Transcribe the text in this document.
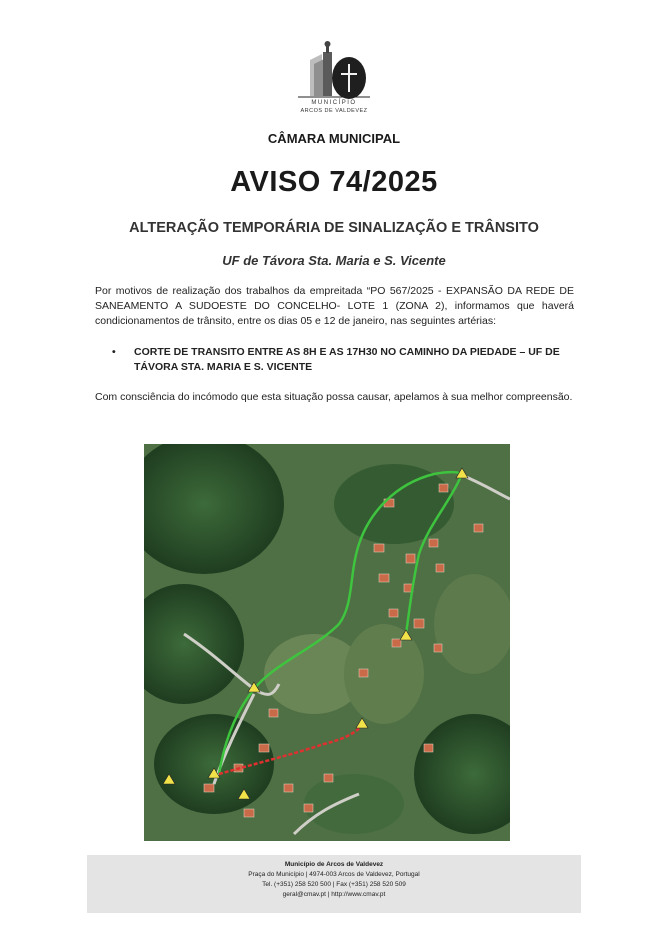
MUNICÍPIO
ARCOS DE VALDEVEZ
CÂMARA MUNICIPAL
AVISO 74/2025
ALTERAÇÃO TEMPORÁRIA DE SINALIZAÇÃO E TRÂNSITO
UF de Távora Sta. Maria e S. Vicente
Por motivos de realização dos trabalhos da empreitada “PO 567/2025 - EXPANSÃO DA REDE DE SANEAMENTO A SUDOESTE DO CONCELHO- LOTE 1 (ZONA 2), informamos que haverá condicionamentos de trânsito, entre os dias 05 e 12 de janeiro, nas seguintes artérias:
• CORTE DE TRANSITO ENTRE AS 8H E AS 17H30 NO CAMINHO DA PIEDADE – UF DE TÁVORA STA. MARIA E S. VICENTE
Com consciência do incómodo que esta situação possa causar, apelamos à sua melhor compreensão.
Município de Arcos de Valdevez
Praça do Município | 4974-003 Arcos de Valdevez, Portugal
Tel. (+351) 258 520 500 | Fax (+351) 258 520 509
geral@cmav.pt | http://www.cmav.pt
